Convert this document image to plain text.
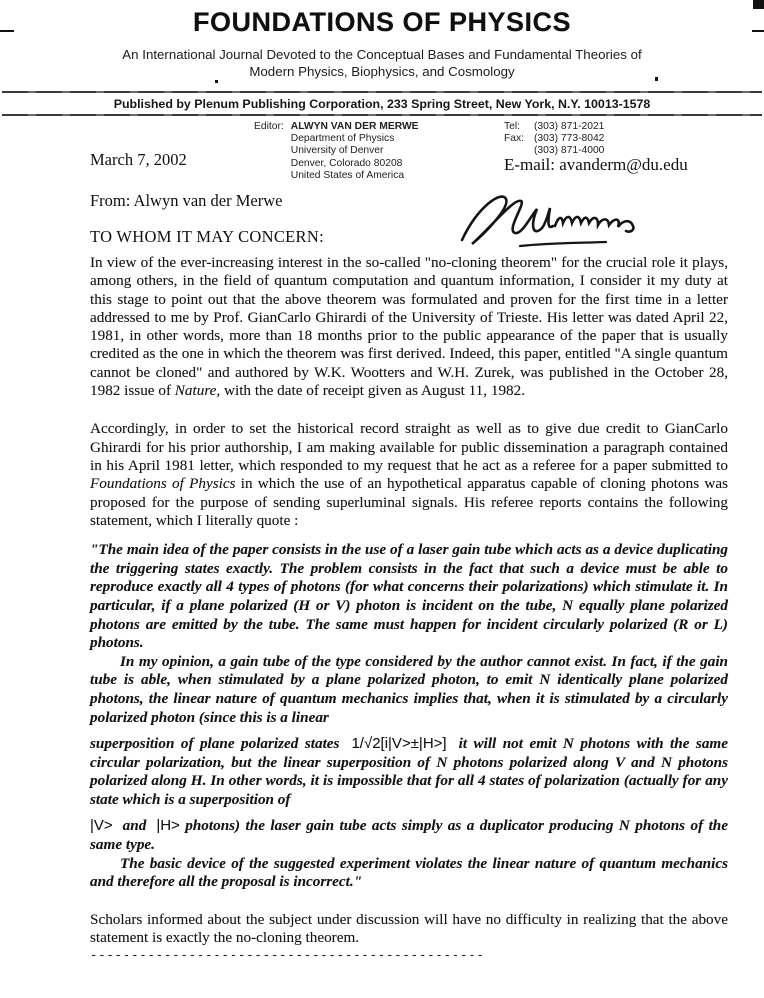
FOUNDATIONS OF PHYSICS
An International Journal Devoted to the Conceptual Bases and Fundamental Theories of
Modern Physics, Biophysics, and Cosmology
Published by Plenum Publishing Corporation, 233 Spring Street, New York, N.Y. 10013-1578
Editor: ALWYN VAN DER MERWE
Department of Physics
University of Denver
Denver, Colorado 80208
United States of America
Tel:	(303) 871-2021
Fax: (303) 773-8042
(303) 871-4000
E-mail: avanderm@du.edu
March 7, 2002
From: Alwyn van der Merwe
TO WHOM IT MAY CONCERN:

In view of the ever-increasing interest in the so-called "no-cloning theorem" for the crucial role it plays, among others, in the field of quantum computation and quantum information, I consider it my duty at this stage to point out that the above theorem was formulated and proven for the first time in a letter addressed to me by Prof. GianCarlo Ghirardi of the University of Trieste. His letter was dated April 22, 1981, in other words, more than 18 months prior to the public appearance of the paper that is usually credited as the one in which the theorem was first derived. Indeed, this paper, entitled "A single quantum cannot be cloned" and authored by W.K. Wootters and W.H. Zurek, was published in the October 28, 1982 issue of Nature, with the date of receipt given as August 11, 1982.

Accordingly, in order to set the historical record straight as well as to give due credit to GianCarlo Ghirardi for his prior authorship, I am making available for public dissemination a paragraph contained in his April 1981 letter, which responded to my request that he act as a referee for a paper submitted to Foundations of Physics in which the use of an hypothetical apparatus capable of cloning photons was proposed for the purpose of sending superluminal signals. His referee reports contains the following statement, which I literally quote :

"The main idea of the paper consists in the use of a laser gain tube which acts as a device duplicating the triggering states exactly. The problem consists in the fact that such a device must be able to reproduce exactly all 4 types of photons (for what concerns their polarizations) which stimulate it. In particular, if a plane polarized (H or V) photon is incident on the tube, N equally plane polarized photons are emitted by the tube. The same must happen for incident circularly polarized (R or L) photons.

In my opinion, a gain tube of the type considered by the author cannot exist. In fact, if the gain tube is able, when stimulated by a plane polarized photon, to emit N identically plane polarized photons, the linear nature of quantum mechanics implies that, when it is stimulated by a circularly polarized photon (since this is a linear

superposition of plane polarized states 1/√2[i|V>±|H>] it will not emit N photons with the same circular polarization, but the linear superposition of N photons polarized along V and N photons polarized along H. In other words, it is impossible that for all 4 states of polarization (actually for any state which is a superposition of

|V> and |H> photons) the laser gain tube acts simply as a duplicator producing N photons of the same type.

The basic device of the suggested experiment violates the linear nature of quantum mechanics and therefore all the proposal is incorrect."

Scholars informed about the subject under discussion will have no difficulty in realizing that the above statement is exactly the no-cloning theorem.

------------------------------------------------
